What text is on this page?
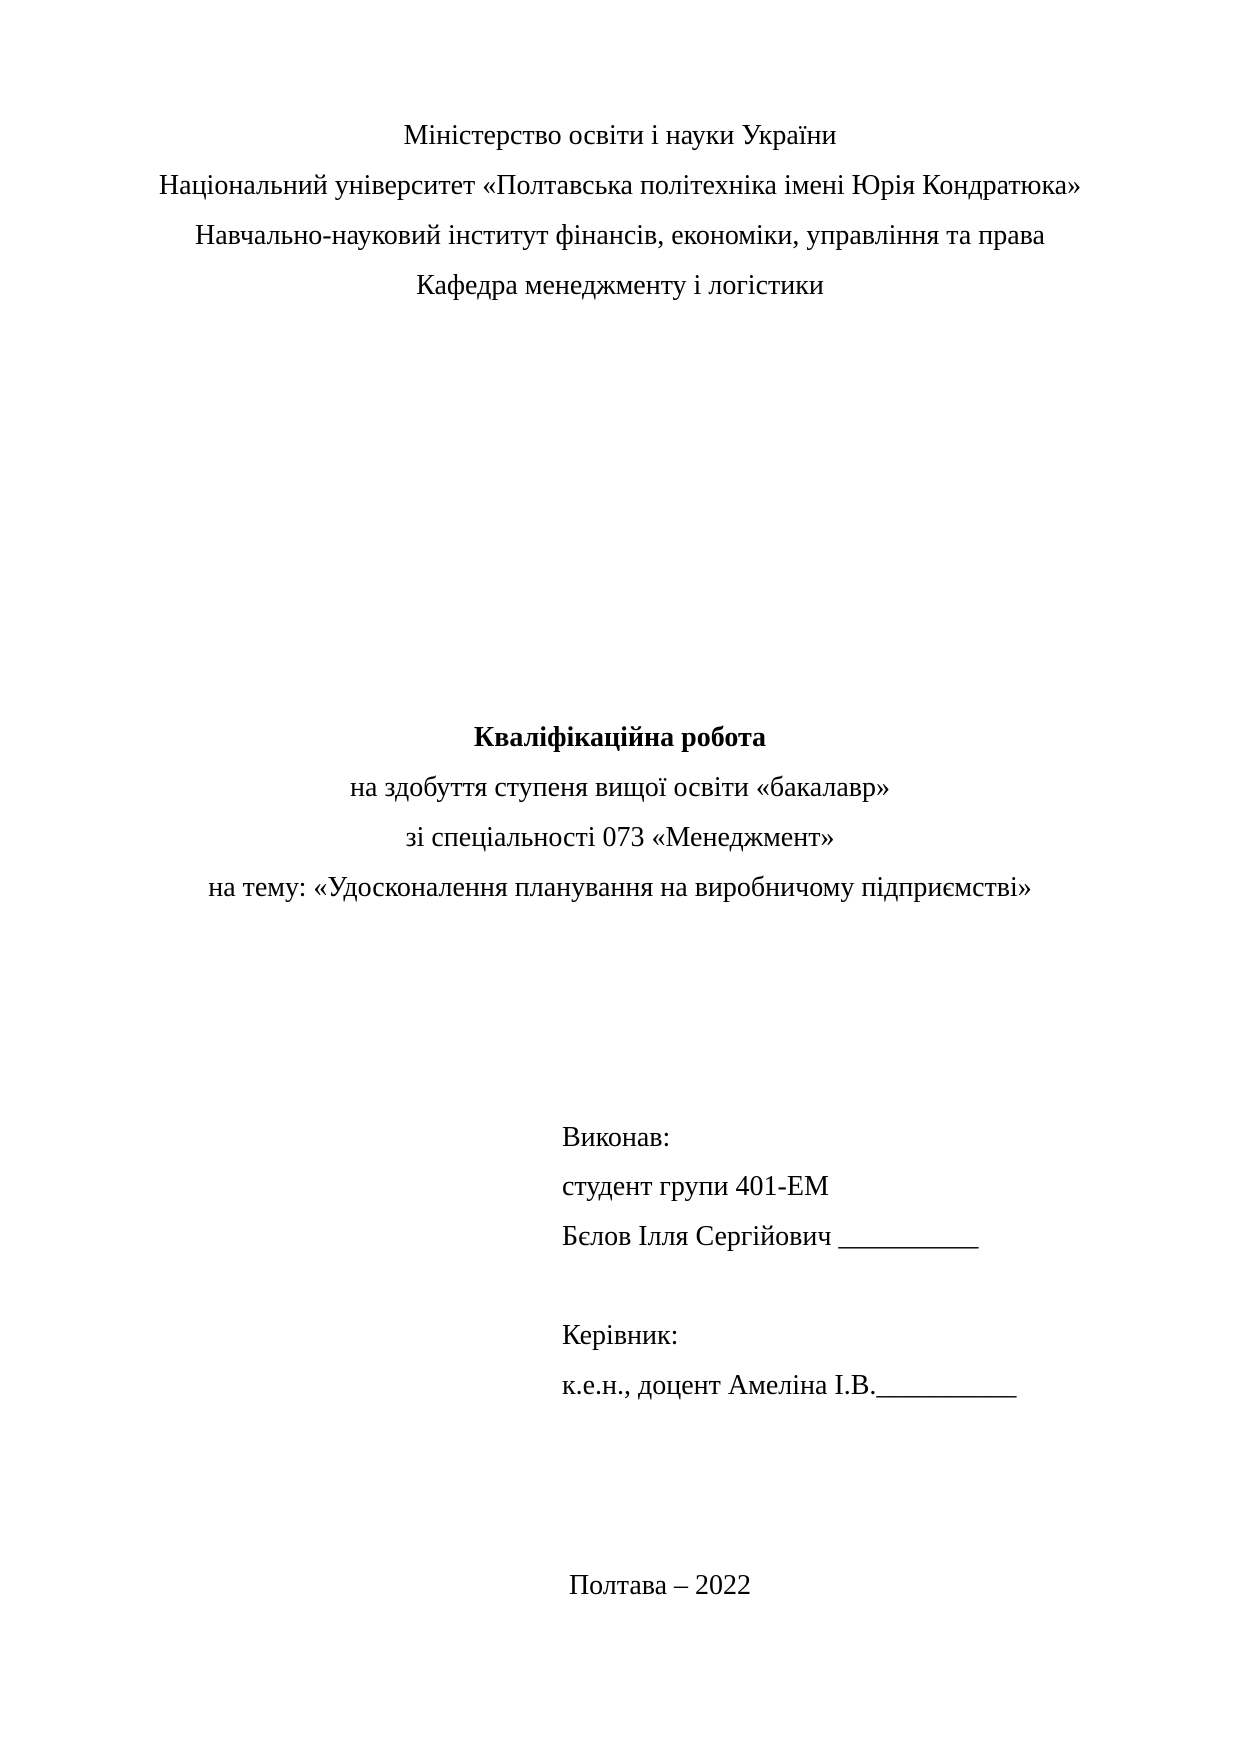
Міністерство освіти і науки України
Національний університет «Полтавська політехніка імені Юрія Кондратюка»
Навчально-науковий інститут фінансів, економіки, управління та права
Кафедра менеджменту і логістики
Кваліфікаційна робота
на здобуття ступеня вищої освіти «бакалавр»
зі спеціальності 073 «Менеджмент»
на тему: «Удосконалення планування на виробничому підприємстві»
Виконав:
студент групи 401-ЕМ
Бєлов Ілля Сергійович __________
Керівник:
к.е.н., доцент Амеліна І.В.__________
Полтава – 2022
